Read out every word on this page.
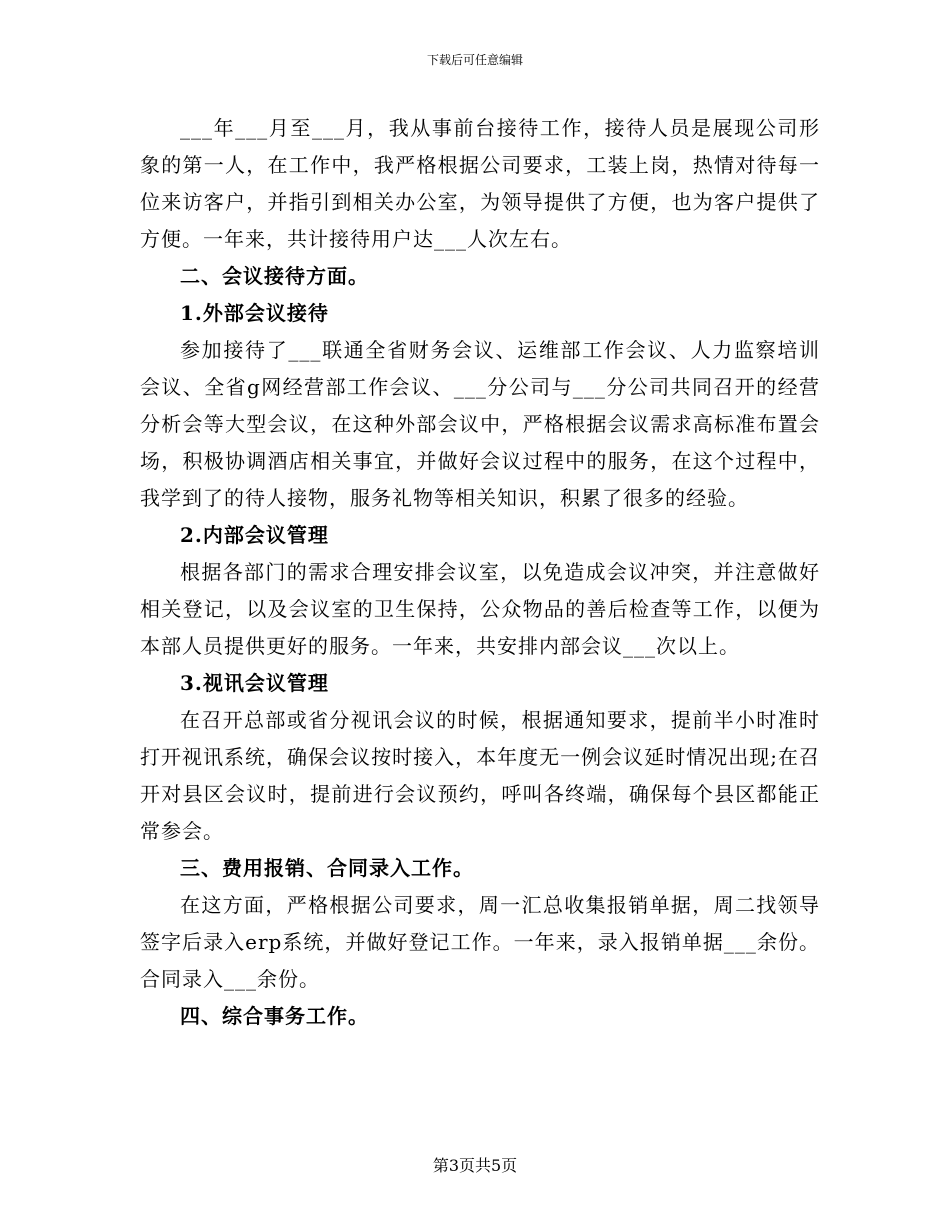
下载后可任意编辑

___年___月至___月，我从事前台接待工作，接待人员是展现公司形象的第一人，在工作中，我严格根据公司要求，工装上岗，热情对待每一位来访客户，并指引到相关办公室，为领导提供了方便，也为客户提供了方便。一年来，共计接待用户达___人次左右。

二、会议接待方面。

1.外部会议接待

参加接待了___联通全省财务会议、运维部工作会议、人力监察培训会议、全省g网经营部工作会议、___分公司与___分公司共同召开的经营分析会等大型会议，在这种外部会议中，严格根据会议需求高标准布置会场，积极协调酒店相关事宜，并做好会议过程中的服务，在这个过程中，我学到了的待人接物，服务礼物等相关知识，积累了很多的经验。

2.内部会议管理

根据各部门的需求合理安排会议室，以免造成会议冲突，并注意做好相关登记，以及会议室的卫生保持，公众物品的善后检查等工作，以便为本部人员提供更好的服务。一年来，共安排内部会议___次以上。

3.视讯会议管理

在召开总部或省分视讯会议的时候，根据通知要求，提前半小时准时打开视讯系统，确保会议按时接入，本年度无一例会议延时情况出现;在召开对县区会议时，提前进行会议预约，呼叫各终端，确保每个县区都能正常参会。

三、费用报销、合同录入工作。

在这方面，严格根据公司要求，周一汇总收集报销单据，周二找领导签字后录入erp系统，并做好登记工作。一年来，录入报销单据___余份。合同录入___余份。

四、综合事务工作。

第3页共5页
